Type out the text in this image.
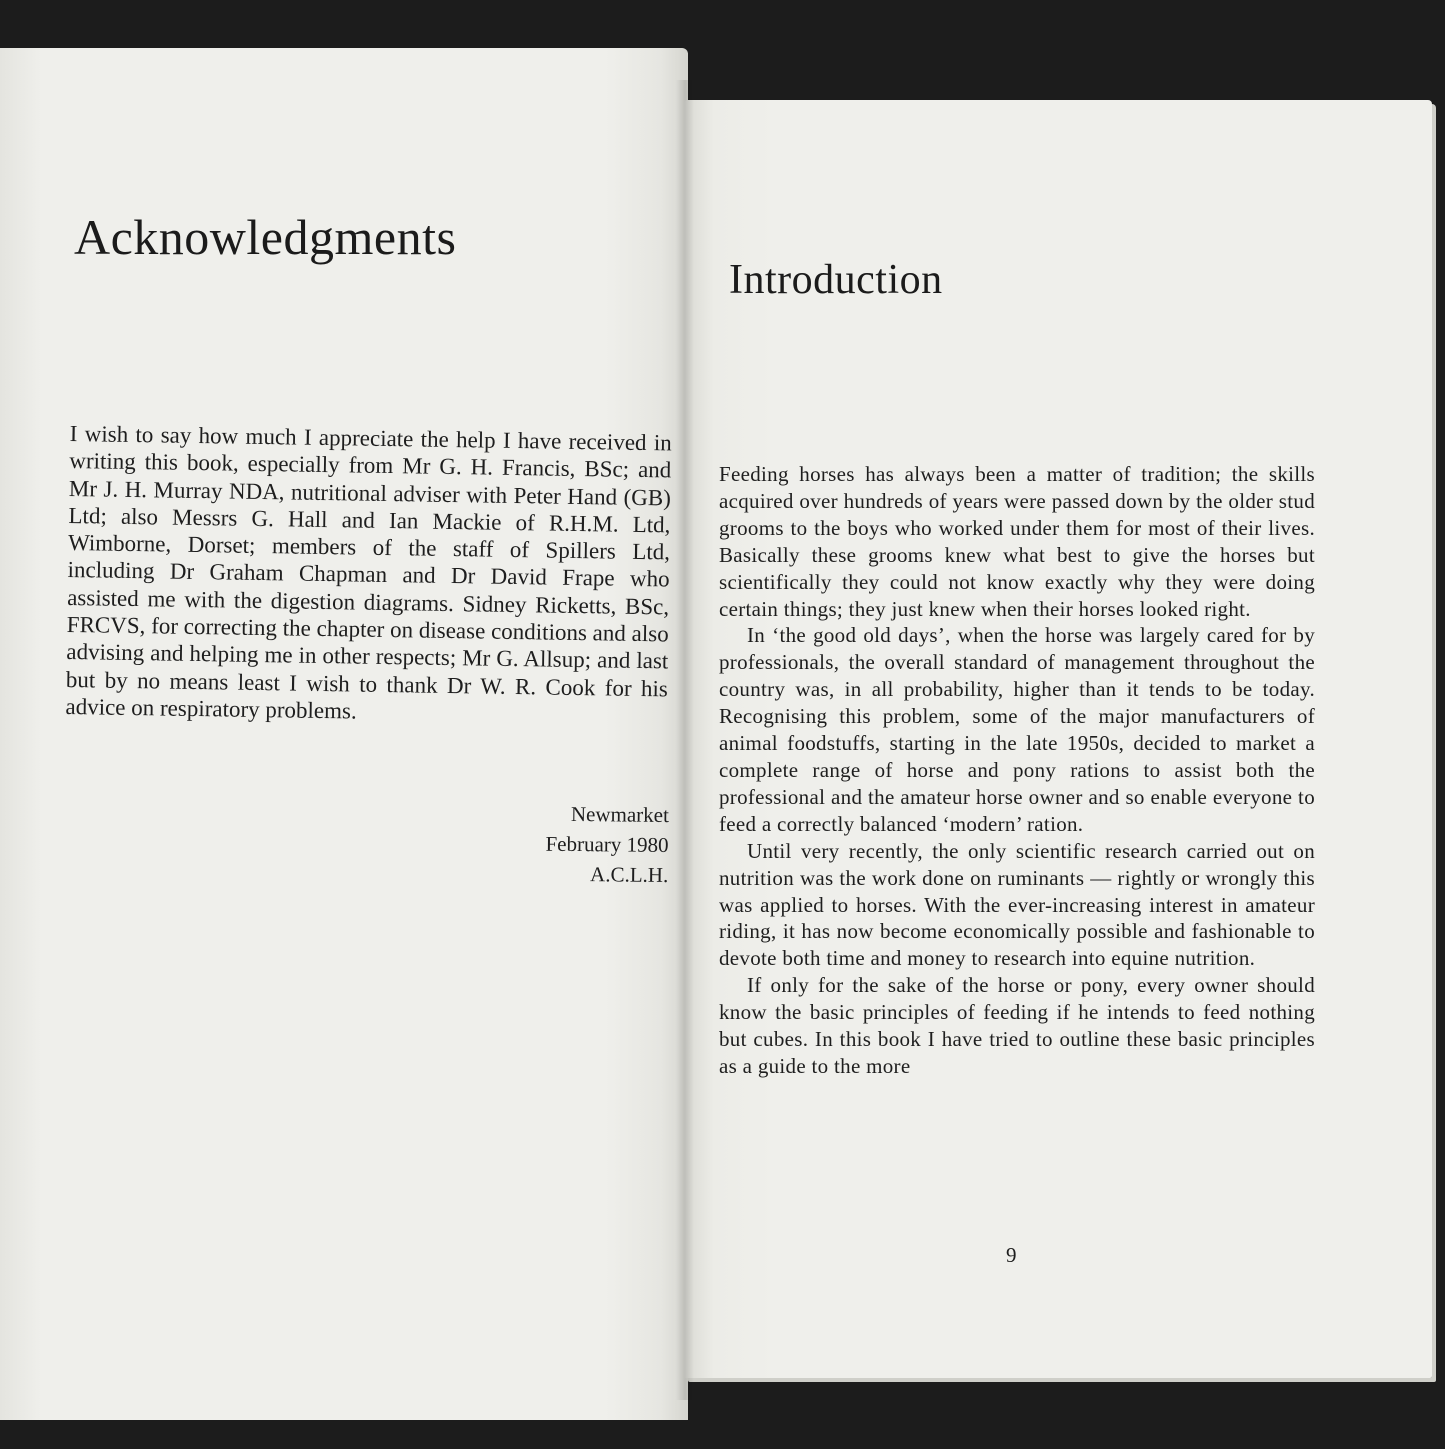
Acknowledgments

I wish to say how much I appreciate the help I have received in writing this book, especially from Mr G. H. Francis, BSc; and Mr J. H. Murray NDA, nutritional adviser with Peter Hand (GB) Ltd; also Messrs G. Hall and Ian Mackie of R.H.M. Ltd, Wimborne, Dorset; members of the staff of Spillers Ltd, including Dr Graham Chapman and Dr David Frape who assisted me with the digestion diagrams. Sidney Ricketts, BSc, FRCVS, for correcting the chapter on disease conditions and also advising and helping me in other respects; Mr G. Allsup; and last but by no means least I wish to thank Dr W. R. Cook for his advice on respiratory problems.

Newmarket
February 1980
A.C.L.H.
Introduction

Feeding horses has always been a matter of tradition; the skills acquired over hundreds of years were passed down by the older stud grooms to the boys who worked under them for most of their lives. Basically these grooms knew what best to give the horses but scientifically they could not know exactly why they were doing certain things; they just knew when their horses looked right.

In ‘the good old days’, when the horse was largely cared for by professionals, the overall standard of management throughout the country was, in all probability, higher than it tends to be today. Recognising this problem, some of the major manufacturers of animal foodstuffs, starting in the late 1950s, decided to market a complete range of horse and pony rations to assist both the professional and the amateur horse owner and so enable everyone to feed a correctly balanced ‘modern’ ration.

Until very recently, the only scientific research carried out on nutrition was the work done on ruminants — rightly or wrongly this was applied to horses. With the ever-increasing interest in amateur riding, it has now become economically possible and fashionable to devote both time and money to research into equine nutrition.

If only for the sake of the horse or pony, every owner should know the basic principles of feeding if he intends to feed nothing but cubes. In this book I have tried to outline these basic principles as a guide to the more

9
